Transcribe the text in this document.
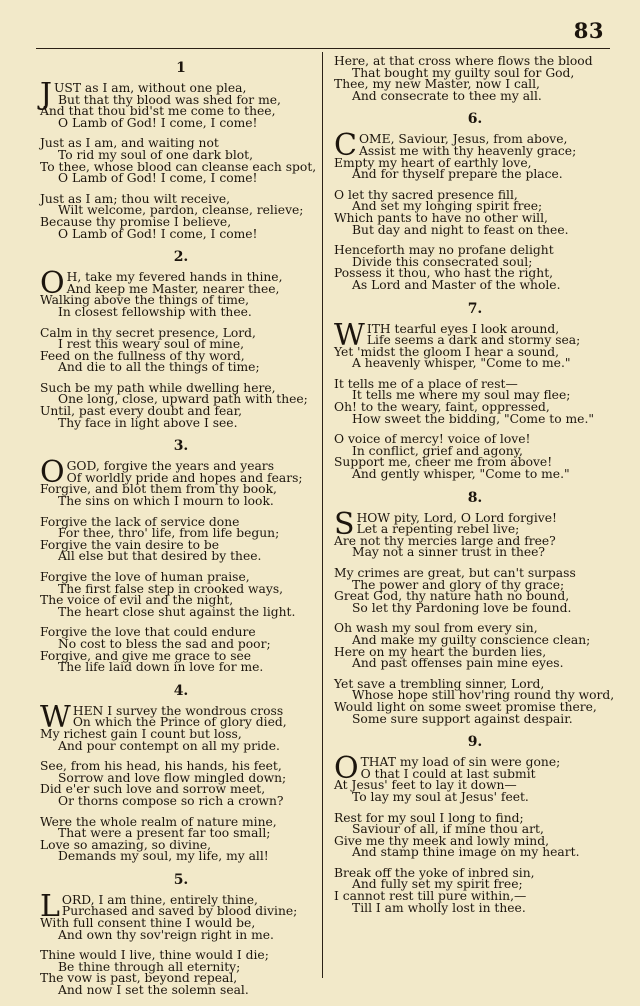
83
1
JUST as I am, without one plea,
But that thy blood was shed for me,
And that thou bid'st me come to thee,
O Lamb of God! I come, I come!
Just as I am, and waiting not
To rid my soul of one dark blot,
To thee, whose blood can cleanse each spot,
O Lamb of God! I come, I come!
Just as I am; thou wilt receive,
Wilt welcome, pardon, cleanse, relieve;
Because thy promise I believe,
O Lamb of God! I come, I come!
2.
O H, take my fevered hands in thine,
And keep me Master, nearer thee,
Walking above the things of time,
In closest fellowship with thee.
Calm in thy secret presence, Lord,
I rest this weary soul of mine,
Feed on the fullness of thy word,
And die to all the things of time;
Such be my path while dwelling here,
One long, close, upward path with thee;
Until, past every doubt and fear,
Thy face in light above I see.
3.
O GOD, forgive the years and years
Of worldly pride and hopes and fears;
Forgive, and blot them from thy book,
The sins on which I mourn to look.
Forgive the lack of service done
For thee, thro' life, from life begun;
Forgive the vain desire to be
All else but that desired by thee.
Forgive the love of human praise,
The first false step in crooked ways,
The voice of evil and the night,
The heart close shut against the light.
Forgive the love that could endure
No cost to bless the sad and poor;
Forgive, and give me grace to see
The life laid down in love for me.
4.
WHEN I survey the wondrous cross
On which the Prince of glory died,
My richest gain I count but loss,
And pour contempt on all my pride.
See, from his head, his hands, his feet,
Sorrow and love flow mingled down;
Did e'er such love and sorrow meet,
Or thorns compose so rich a crown?
Were the whole realm of nature mine,
That were a present far too small;
Love so amazing, so divine,
Demands my soul, my life, my all!
5.
LORD, I am thine, entirely thine,
Purchased and saved by blood divine;
With full consent thine I would be,
And own thy sov'reign right in me.
Thine would I live, thine would I die;
Be thine through all eternity;
The vow is past, beyond repeal,
And now I set the solemn seal.
Here, at that cross where flows the blood
That bought my guilty soul for God,
Thee, my new Master, now I call,
And consecrate to thee my all.
6.
COME, Saviour, Jesus, from above,
Assist me with thy heavenly grace;
Empty my heart of earthly love,
And for thyself prepare the place.
O let thy sacred presence fill,
And set my longing spirit free;
Which pants to have no other will,
But day and night to feast on thee.
Henceforth may no profane delight
Divide this consecrated soul;
Possess it thou, who hast the right,
As Lord and Master of the whole.
7.
WITH tearful eyes I look around,
Life seems a dark and stormy sea;
Yet 'midst the gloom I hear a sound,
A heavenly whisper, "Come to me."
It tells me of a place of rest—
It tells me where my soul may flee;
Oh! to the weary, faint, oppressed,
How sweet the bidding, "Come to me."
O voice of mercy! voice of love!
In conflict, grief and agony,
Support me, cheer me from above!
And gently whisper, "Come to me."
8.
SHOW pity, Lord, O Lord forgive!
Let a repenting rebel live;
Are not thy mercies large and free?
May not a sinner trust in thee?
My crimes are great, but can't surpass
The power and glory of thy grace;
Great God, thy nature hath no bound,
So let thy Pardoning love be found.
Oh wash my soul from every sin,
And make my guilty conscience clean;
Here on my heart the burden lies,
And past offenses pain mine eyes.
Yet save a trembling sinner, Lord,
Whose hope still hov'ring round thy word,
Would light on some sweet promise there,
Some sure support against despair.
9.
O THAT my load of sin were gone;
O that I could at last submit
At Jesus' feet to lay it down—
To lay my soul at Jesus' feet.
Rest for my soul I long to find;
Saviour of all, if mine thou art,
Give me thy meek and lowly mind,
And stamp thine image on my heart.
Break off the yoke of inbred sin,
And fully set my spirit free;
I cannot rest till pure within,—
Till I am wholly lost in thee.
